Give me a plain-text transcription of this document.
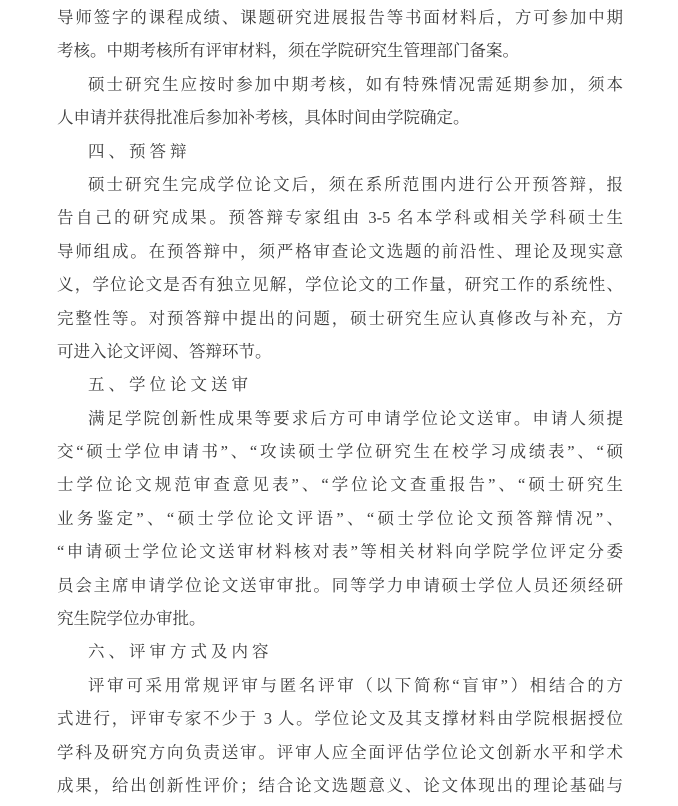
导师签字的课程成绩、课题研究进展报告等书面材料后，方可参加中期
考核。中期考核所有评审材料，须在学院研究生管理部门备案。
硕士研究生应按时参加中期考核，如有特殊情况需延期参加，须本
人申请并获得批准后参加补考核，具体时间由学院确定。
四、预答辩
硕士研究生完成学位论文后，须在系所范围内进行公开预答辩，报
告自己的研究成果。预答辩专家组由 3-5 名本学科或相关学科硕士生
导师组成。在预答辩中，须严格审查论文选题的前沿性、理论及现实意
义，学位论文是否有独立见解，学位论文的工作量，研究工作的系统性、
完整性等。对预答辩中提出的问题，硕士研究生应认真修改与补充，方
可进入论文评阅、答辩环节。
五、学位论文送审
满足学院创新性成果等要求后方可申请学位论文送审。申请人须提
交“硕士学位申请书”、“攻读硕士学位研究生在校学习成绩表”、“硕
士学位论文规范审查意见表”、“学位论文查重报告”、“硕士研究生
业务鉴定”、“硕士学位论文评语”、“硕士学位论文预答辩情况”、
“申请硕士学位论文送审材料核对表”等相关材料向学院学位评定分委
员会主席申请学位论文送审审批。同等学力申请硕士学位人员还须经研
究生院学位办审批。
六、评审方式及内容
评审可采用常规评审与匿名评审（以下简称“盲审”）相结合的方
式进行，评审专家不少于 3 人。学位论文及其支撑材料由学院根据授位
学科及研究方向负责送审。评审人应全面评估学位论文创新水平和学术
成果，给出创新性评价；结合论文选题意义、论文体现出的理论基础与
